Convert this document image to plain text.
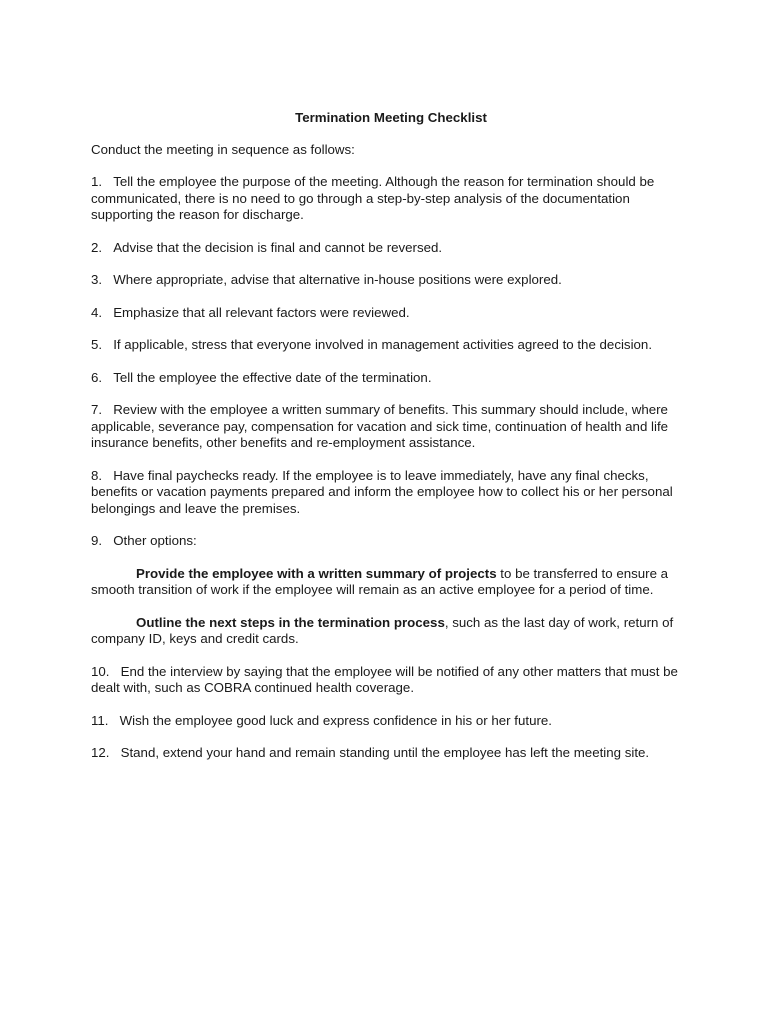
Termination Meeting Checklist
Conduct the meeting in sequence as follows:
1. Tell the employee the purpose of the meeting. Although the reason for termination should be communicated, there is no need to go through a step-by-step analysis of the documentation supporting the reason for discharge.
2. Advise that the decision is final and cannot be reversed.
3. Where appropriate, advise that alternative in-house positions were explored.
4. Emphasize that all relevant factors were reviewed.
5. If applicable, stress that everyone involved in management activities agreed to the decision.
6. Tell the employee the effective date of the termination.
7. Review with the employee a written summary of benefits. This summary should include, where applicable, severance pay, compensation for vacation and sick time, continuation of health and life insurance benefits, other benefits and re-employment assistance.
8. Have final paychecks ready. If the employee is to leave immediately, have any final checks, benefits or vacation payments prepared and inform the employee how to collect his or her personal belongings and leave the premises.
9. Other options:
Provide the employee with a written summary of projects to be transferred to ensure a smooth transition of work if the employee will remain as an active employee for a period of time.
Outline the next steps in the termination process, such as the last day of work, return of company ID, keys and credit cards.
10. End the interview by saying that the employee will be notified of any other matters that must be dealt with, such as COBRA continued health coverage.
11. Wish the employee good luck and express confidence in his or her future.
12. Stand, extend your hand and remain standing until the employee has left the meeting site.
